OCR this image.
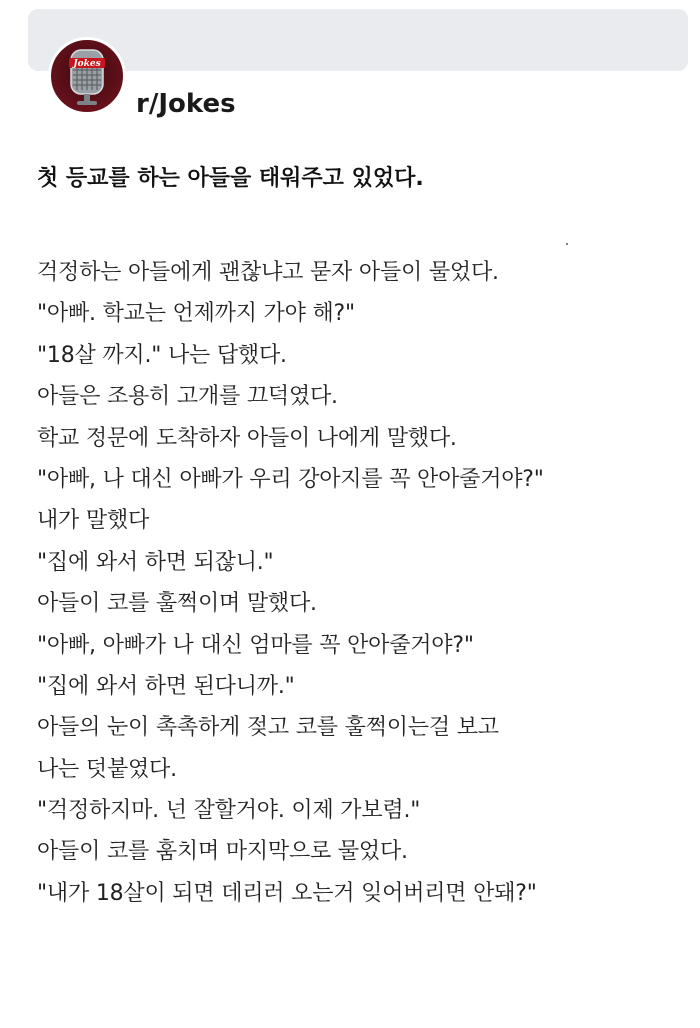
Jokes
r/Jokes
첫 등교를 하는 아들을 태워주고 있었다.
걱정하는 아들에게 괜찮냐고 묻자 아들이 물었다.
"아빠. 학교는 언제까지 가야 해?"
"18살 까지." 나는 답했다.
아들은 조용히 고개를 끄덕였다.
학교 정문에 도착하자 아들이 나에게 말했다.
"아빠, 나 대신 아빠가 우리 강아지를 꼭 안아줄거야?"
내가 말했다
"집에 와서 하면 되잖니."
아들이 코를 훌쩍이며 말했다.
"아빠, 아빠가 나 대신 엄마를 꼭 안아줄거야?"
"집에 와서 하면 된다니까."
아들의 눈이 촉촉하게 젖고 코를 훌쩍이는걸 보고
나는 덧붙였다.
"걱정하지마. 넌 잘할거야. 이제 가보렴."
아들이 코를 훔치며 마지막으로 물었다.
"내가 18살이 되면 데리러 오는거 잊어버리면 안돼?"
